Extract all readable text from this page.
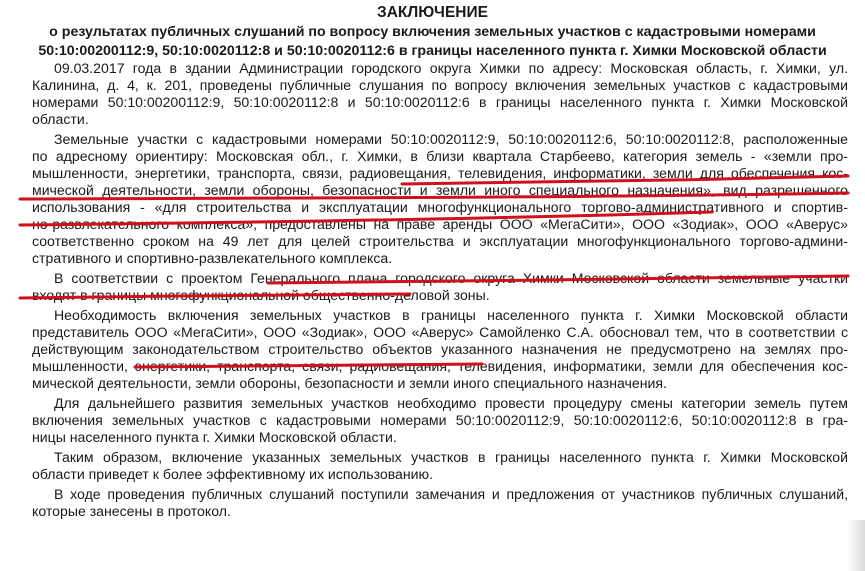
ЗАКЛЮЧЕНИЕ
о результатах публичных слушаний по вопросу включения земельных участков с кадастровыми номерами
50:10:00200112:9, 50:10:0020112:8 и 50:10:0020112:6 в границы населенного пункта г. Химки Московской области

09.03.2017 года в здании Администрации городского округа Химки по адресу: Московская область, г. Химки, ул.
Калинина, д. 4, к. 201, проведены публичные слушания по вопросу включения земельных участков с кадастровыми
номерами 50:10:00200112:9, 50:10:0020112:8 и 50:10:0020112:6 в границы населенного пункта г. Химки Московской
области.

Земельные участки с кадастровыми номерами 50:10:0020112:9, 50:10:0020112:6, 50:10:0020112:8, расположенные
по адресному ориентиру: Московская обл., г. Химки, в близи квартала Старбеево, категория земель - «земли про-
мышленности, энергетики, транспорта, связи, радиовещания, телевидения, информатики, земли для обеспечения кос-
мической деятельности, земли обороны, безопасности и земли иного специального назначения», вид разрешенного
использования - «для строительства и эксплуатации многофункционального торгово-административного и спортив-
но-развлекательного комплекса», предоставлены на праве аренды ООО «МегаСити», ООО «Зодиак», ООО «Аверус»
соответственно сроком на 49 лет для целей строительства и эксплуатации многофункционального торгово-админи-
стративного и спортивно-развлекательного комплекса.

В соответствии с проектом Генерального плана городского округа Химки Московской области земельные участки
входят в границы многофункциональной общественно-деловой зоны.

Необходимость включения земельных участков в границы населенного пункта г. Химки Московской области
представитель ООО «МегаСити», ООО «Зодиак», ООО «Аверус» Самойленко С.А. обосновал тем, что в соответствии с
действующим законодательством строительство объектов указанного назначения не предусмотрено на землях про-
мышленности, энергетики, транспорта, связи, радиовещания, телевидения, информатики, земли для обеспечения кос-
мической деятельности, земли обороны, безопасности и земли иного специального назначения.

Для дальнейшего развития земельных участков необходимо провести процедуру смены категории земель путем
включения земельных участков с кадастровыми номерами 50:10:0020112:9, 50:10:0020112:6, 50:10:0020112:8 в гра-
ницы населенного пункта г. Химки Московской области.

Таким образом, включение указанных земельных участков в границы населенного пункта г. Химки Московской
области приведет к более эффективному их использованию.

В ходе проведения публичных слушаний поступили замечания и предложения от участников публичных слушаний,
которые занесены в протокол.
